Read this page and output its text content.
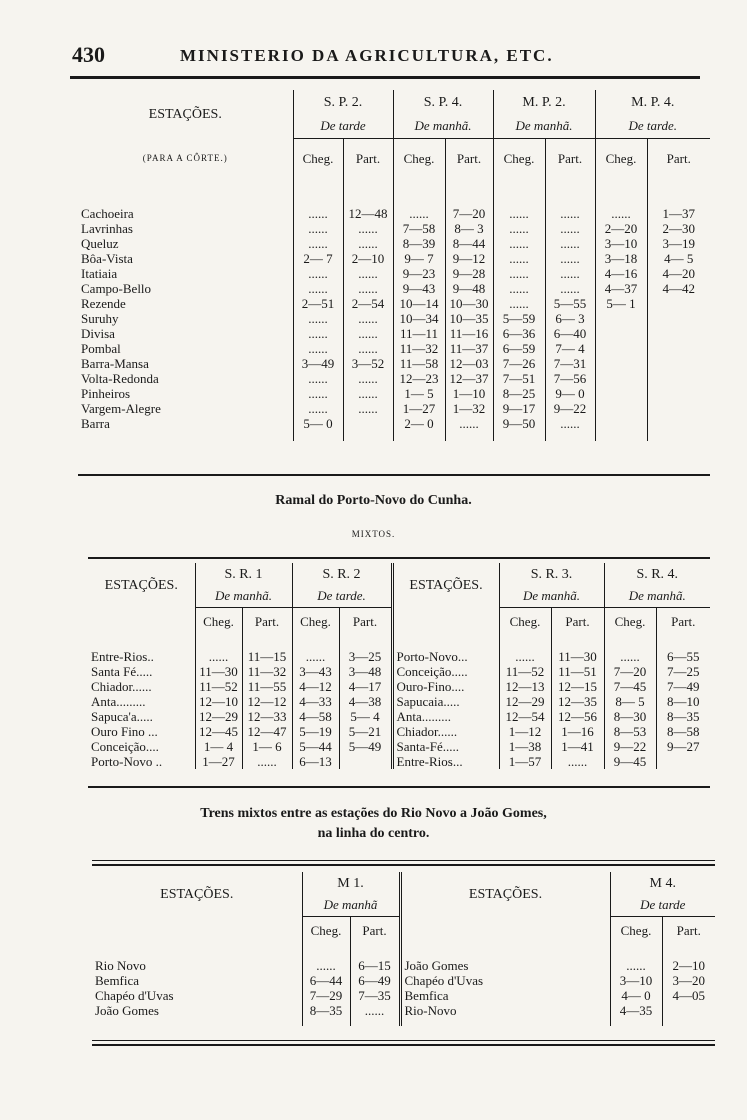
430	MINISTERIO DA AGRICULTURA, ETC.
ESTAÇÕES.	S. P. 2.		S. P. 4.		M. P. 2.		M. P. 4.	
	De tarde		De manhã.		De manhã.		De tarde.	
(PARA A CÔRTE.)	Cheg.	Part.	Cheg.	Part.	Cheg.	Part.	Cheg.	Part.

Cachoeira	......	12—48	......	7—20	......	......	......	1—37
Lavrinhas	......	......	7—58	8— 3	......	......	2—20	2—30
Queluz	......	......	8—39	8—44	......	......	3—10	3—19
Bôa-Vista	2— 7	2—10	9— 7	9—12	......	......	3—18	4— 5
Itatiaia	......	......	9—23	9—28	......	......	4—16	4—20
Campo-Bello	......	......	9—43	9—48	......	......	4—37	4—42
Rezende	2—51	2—54	10—14	10—30	......	5—55	5— 1	
Suruhy	......	......	10—34	10—35	5—59	6— 3		
Divisa	......	......	11—11	11—16	6—36	6—40		
Pombal	......	......	11—32	11—37	6—59	7— 4		
Barra-Mansa	3—49	3—52	11—58	12—03	7—26	7—31		
Volta-Redonda	......	......	12—23	12—37	7—51	7—56		
Pinheiros	......	......	1— 5	1—10	8—25	9— 0		
Vargem-Alegre	......	......	1—27	1—32	9—17	9—22		
Barra	5— 0		2— 0	......	9—50	......		

Ramal do Porto-Novo do Cunha.
MIXTOS.
ESTAÇÕES.	S. R. 1		S. R. 2		ESTAÇÕES.	S. R. 3.		S. R. 4.	
	De manhã.		De tarde.			De manhã.		De manhã.	
	Cheg.	Part.	Cheg.	Part.		Cheg.	Part.	Cheg.	Part.

Entre-Rios..	......	11—15	......	3—25	Porto-Novo...	......	11—30	......	6—55
Santa Fé.....	11—30	11—32	3—43	3—48	Conceição.....	11—52	11—51	7—20	7—25
Chiador......	11—52	11—55	4—12	4—17	Ouro-Fino....	12—13	12—15	7—45	7—49
Anta.........	12—10	12—12	4—33	4—38	Sapucaia.....	12—29	12—35	8— 5	8—10
Sapuca'a.....	12—29	12—33	4—58	5— 4	Anta.........	12—54	12—56	8—30	8—35
Ouro Fino ...	12—45	12—47	5—19	5—21	Chiador......	1—12	1—16	8—53	8—58
Conceição....	1— 4	1— 6	5—44	5—49	Santa-Fé.....	1—38	1—41	9—22	9—27
Porto-Novo ..	1—27	......	6—13		Entre-Rios...	1—57	......	9—45	
Trens mixtos entre as estações do Rio Novo a João Gomes,
na linha do centro.
ESTAÇÕES.	M 1.		ESTAÇÕES.	M 4.	
	De manhã			De tarde	
	Cheg.	Part.		Cheg.	Part.

Rio Novo	......	6—15	João Gomes	......	2—10
Bemfica	6—44	6—49	Chapéo d'Uvas	3—10	3—20
Chapéo d'Uvas	7—29	7—35	Bemfica	4— 0	4—05
João Gomes	8—35	......	Rio-Novo	4—35	
